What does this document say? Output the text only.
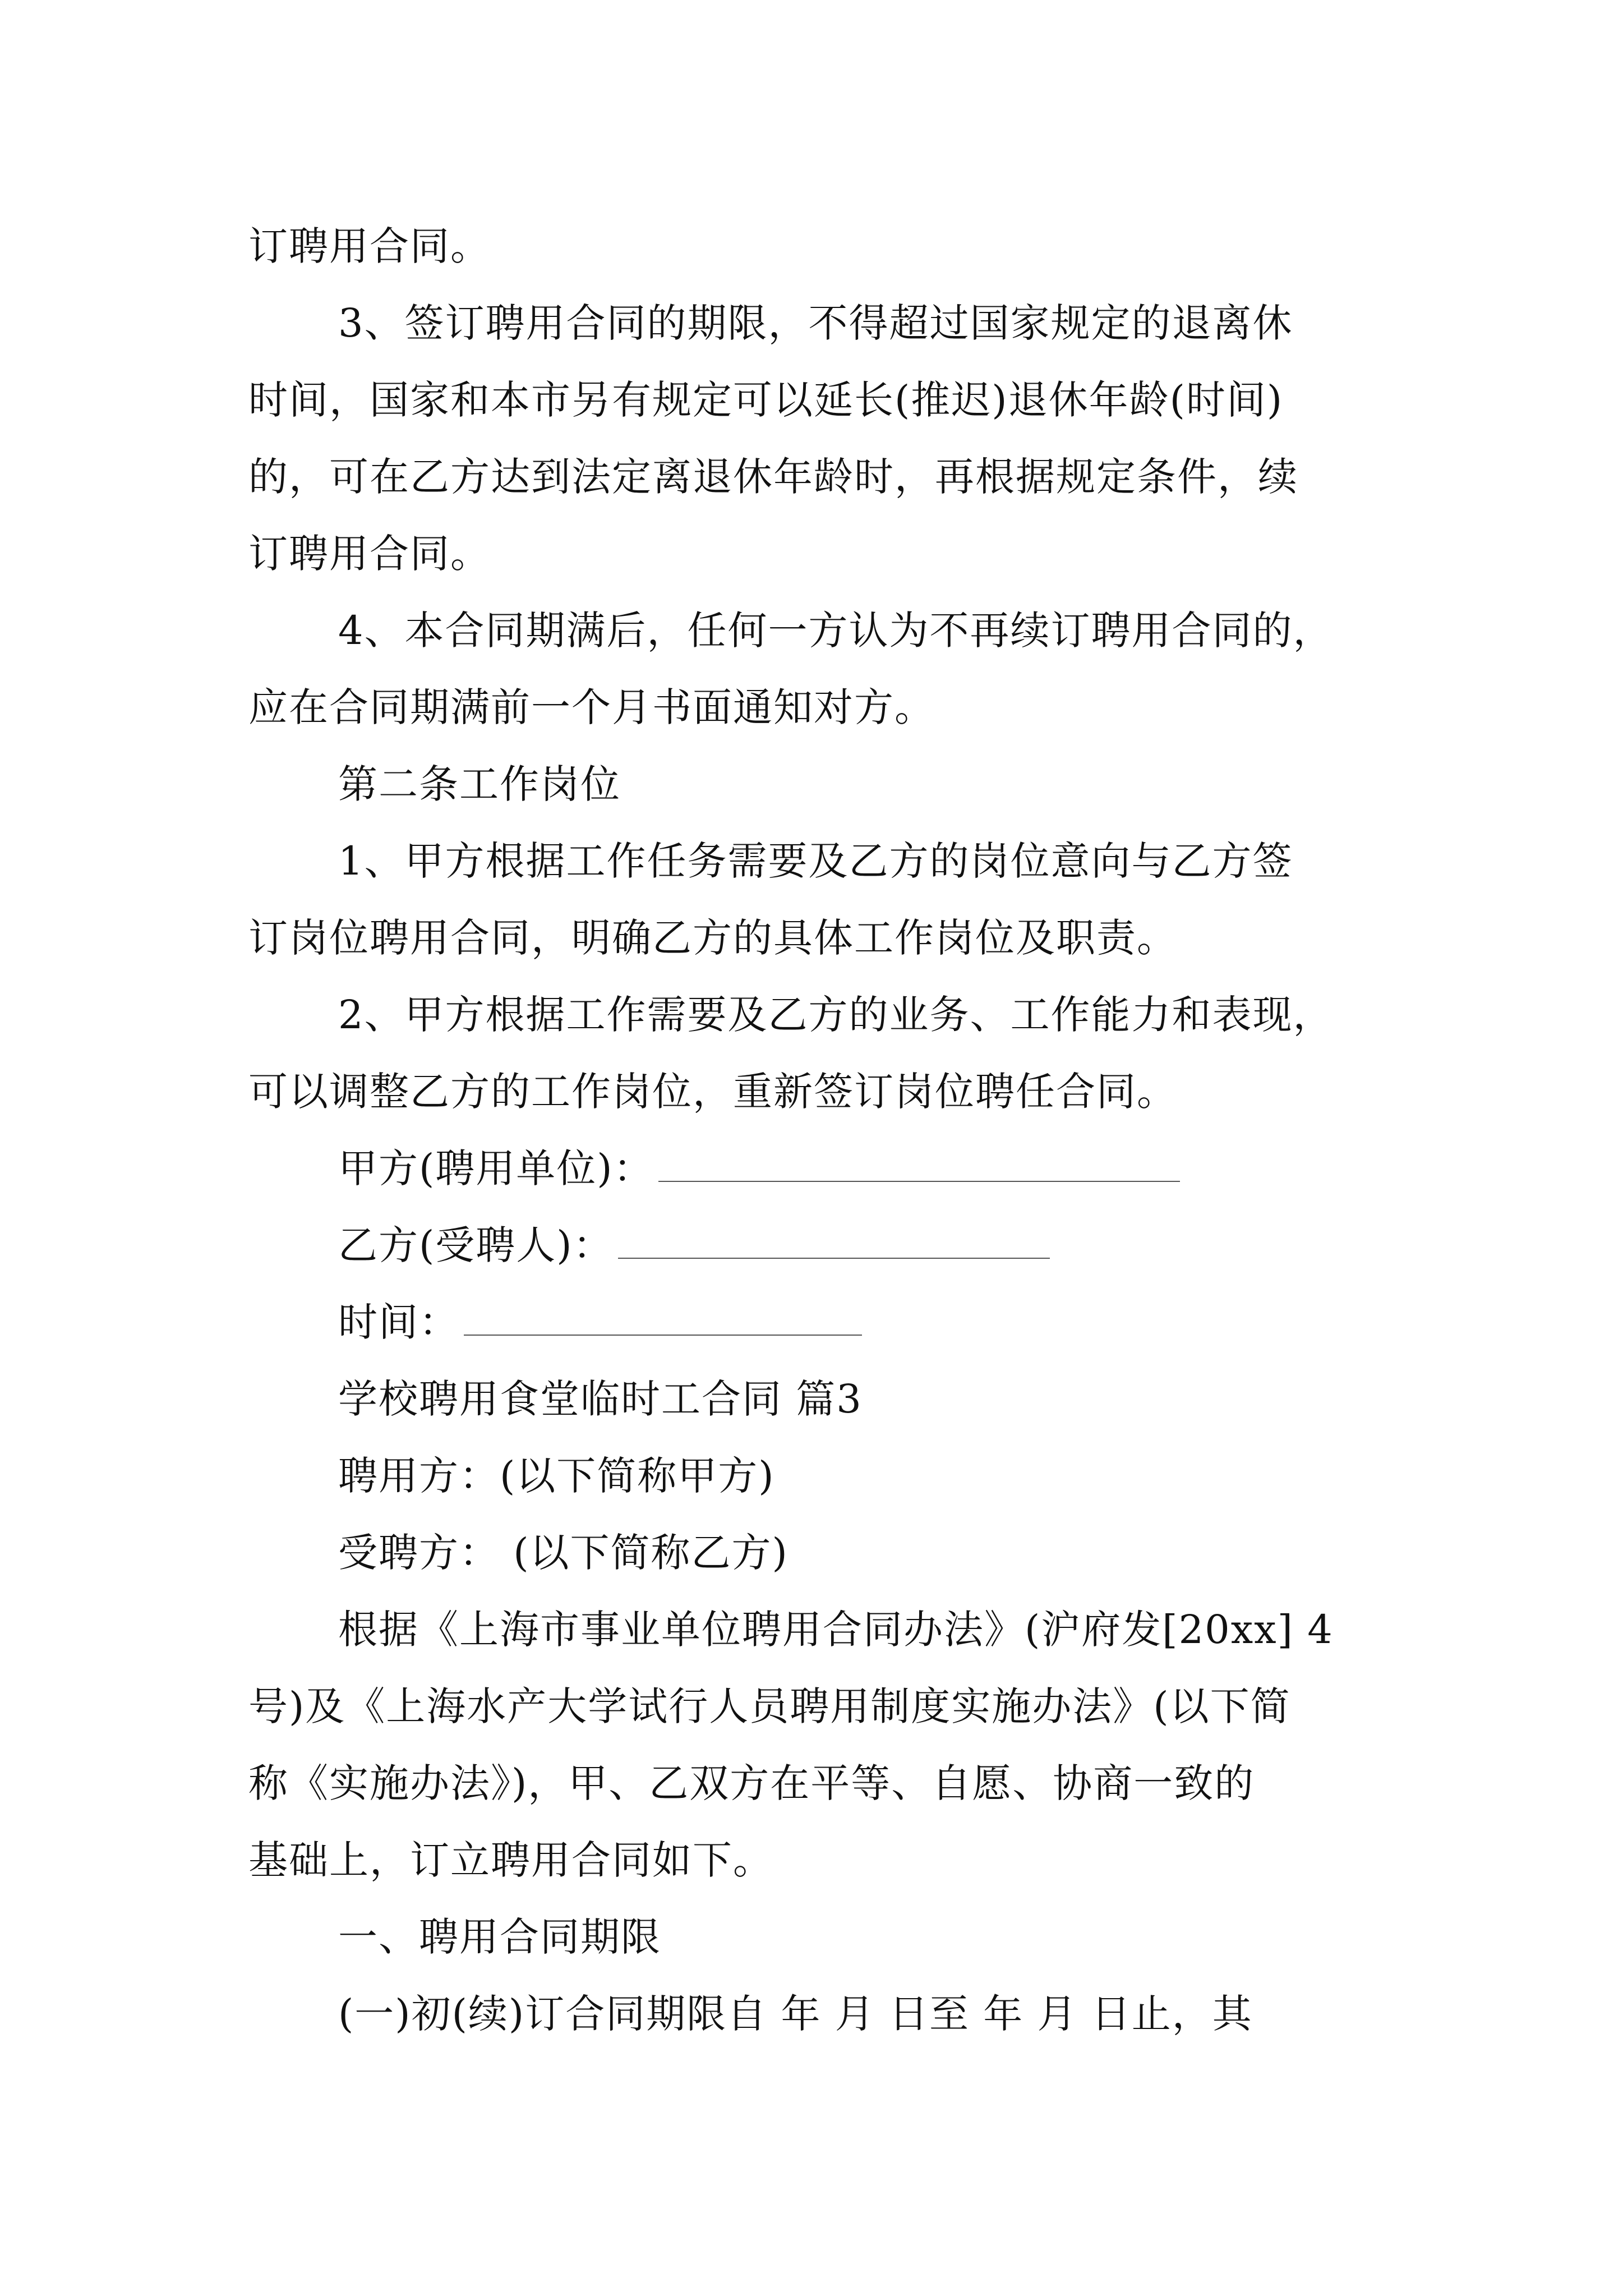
订聘用合同。
3、签订聘用合同的期限，不得超过国家规定的退离休
时间，国家和本市另有规定可以延长(推迟)退休年龄(时间)
的，可在乙方达到法定离退休年龄时，再根据规定条件，续
订聘用合同。
4、本合同期满后，任何一方认为不再续订聘用合同的，
应在合同期满前一个月书面通知对方。
第二条工作岗位
1、甲方根据工作任务需要及乙方的岗位意向与乙方签
订岗位聘用合同，明确乙方的具体工作岗位及职责。
2、甲方根据工作需要及乙方的业务、工作能力和表现，
可以调整乙方的工作岗位，重新签订岗位聘任合同。
甲方(聘用单位)：
乙方(受聘人)：
时间：
学校聘用食堂临时工合同 篇3
聘用方：(以下简称甲方)
受聘方： (以下简称乙方)
根据《上海市事业单位聘用合同办法》(沪府发[20xx] 4
号)及《上海水产大学试行人员聘用制度实施办法》(以下简
称《实施办法》)，甲、乙双方在平等、自愿、协商一致的
基础上，订立聘用合同如下。
一、聘用合同期限
(一)初(续)订合同期限自 年 月 日至 年 月 日止，其
